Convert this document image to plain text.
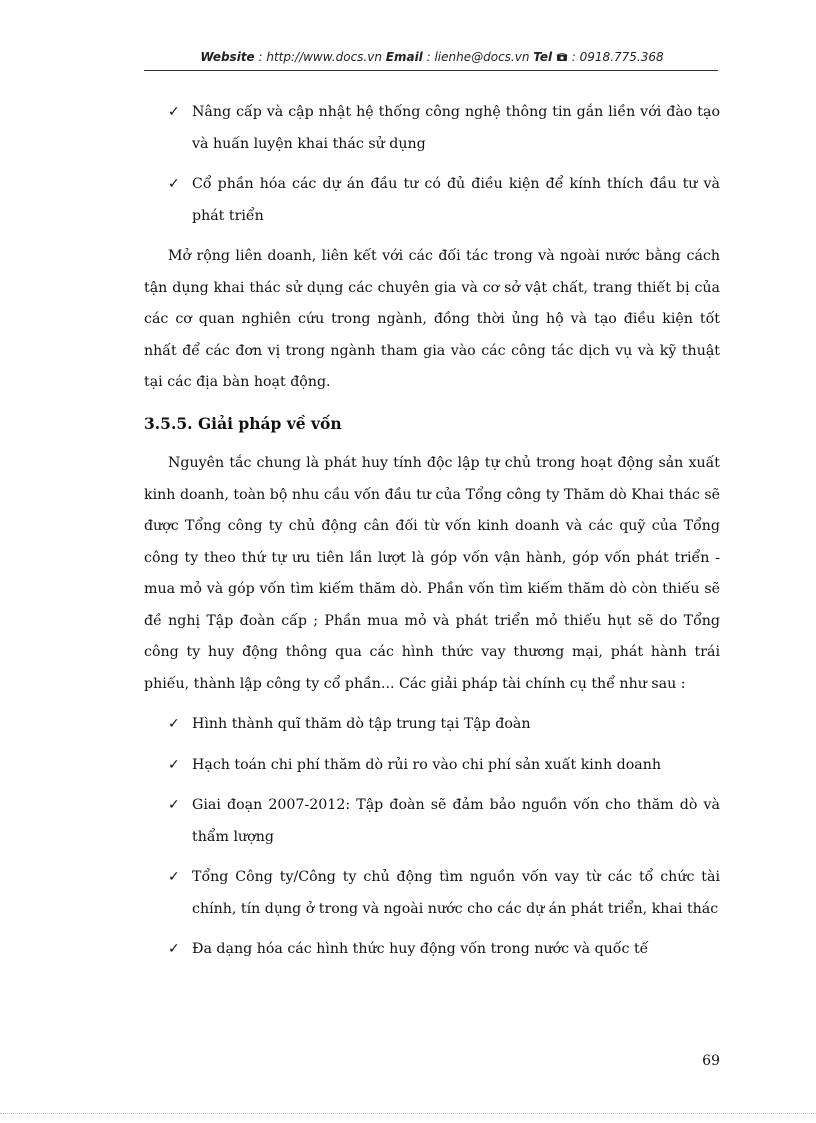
Website : http://www.docs.vn Email : lienhe@docs.vn Tel  : 0918.775.368
✓ Nâng cấp và cập nhật hệ thống công nghệ thông tin gắn liền với đào tạo và huấn luyện khai thác sử dụng
✓ Cổ phần hóa các dự án đầu tư có đủ điều kiện để kính thích đầu tư và phát triển

Mở rộng liên doanh, liên kết với các đối tác trong và ngoài nước bằng cách tận dụng khai thác sử dụng các chuyên gia và cơ sở vật chất, trang thiết bị của các cơ quan nghiên cứu trong ngành, đồng thời ủng hộ và tạo điều kiện tốt nhất để các đơn vị trong ngành tham gia vào các công tác dịch vụ và kỹ thuật tại các địa bàn hoạt động.

3.5.5. Giải pháp về vốn

Nguyên tắc chung là phát huy tính độc lập tự chủ trong hoạt động sản xuất kinh doanh, toàn bộ nhu cầu vốn đầu tư của Tổng công ty Thăm dò Khai thác sẽ được Tổng công ty chủ động cân đối từ vốn kinh doanh và các quỹ của Tổng công ty theo thứ tự ưu tiên lần lượt là góp vốn vận hành, góp vốn phát triển - mua mỏ và góp vốn tìm kiếm thăm dò. Phần vốn tìm kiếm thăm dò còn thiếu sẽ đề nghị Tập đoàn cấp ; Phần mua mỏ và phát triển mỏ thiếu hụt sẽ do Tổng công ty huy động thông qua các hình thức vay thương mại, phát hành trái phiếu, thành lập công ty cổ phần... Các giải pháp tài chính cụ thể như sau :

✓ Hình thành quĩ thăm dò tập trung tại Tập đoàn
✓ Hạch toán chi phí thăm dò rủi ro vào chi phí sản xuất kinh doanh
✓ Giai đoạn 2007-2012: Tập đoàn sẽ đảm bảo nguồn vốn cho thăm dò và thẩm lượng
✓ Tổng Công ty/Công ty chủ động tìm nguồn vốn vay từ các tổ chức tài chính, tín dụng ở trong và ngoài nước cho các dự án phát triển, khai thác
✓ Đa dạng hóa các hình thức huy động vốn trong nước và quốc tế
69
